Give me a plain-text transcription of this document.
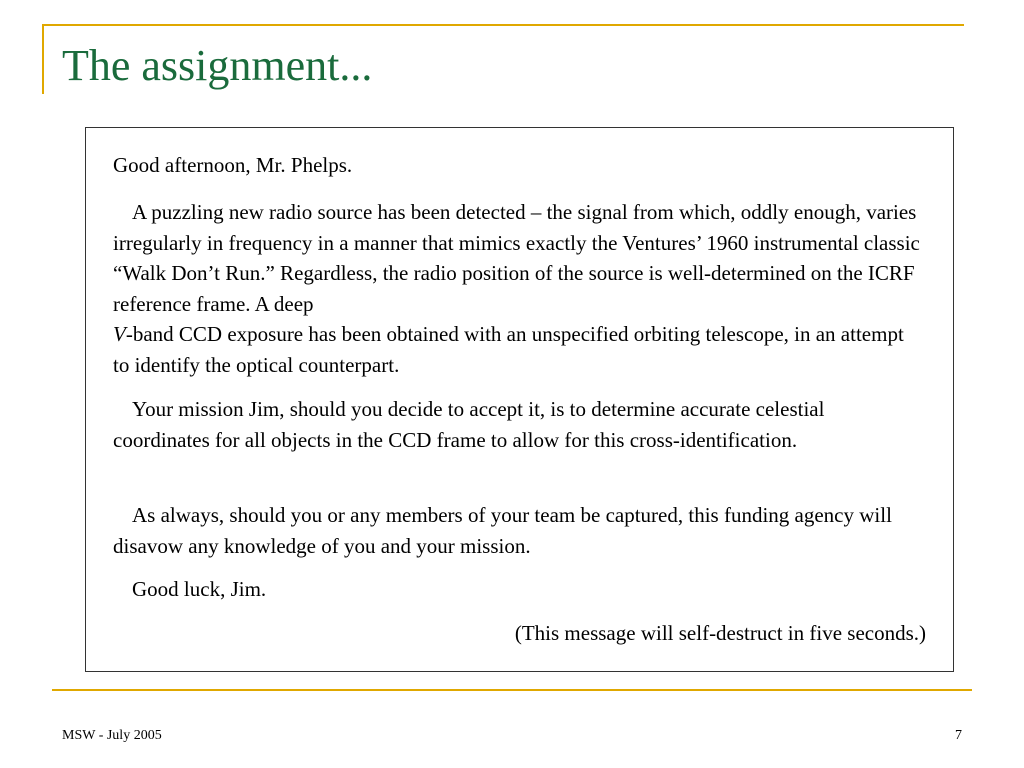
The assignment...

Good afternoon, Mr. Phelps.

A puzzling new radio source has been detected – the signal from which, oddly enough, varies irregularly in frequency in a manner that mimics exactly the Ventures’ 1960 instrumental classic “Walk Don’t Run.” Regardless, the radio position of the source is well-determined on the ICRF reference frame. A deep
V-band CCD exposure has been obtained with an unspecified orbiting telescope, in an attempt to identify the optical counterpart.

Your mission Jim, should you decide to accept it, is to determine accurate celestial coordinates for all objects in the CCD frame to allow for this cross-identification.

As always, should you or any members of your team be captured, this funding agency will disavow any knowledge of you and your mission.

Good luck, Jim.

(This message will self-destruct in five seconds.)

MSW - July 2005	7
